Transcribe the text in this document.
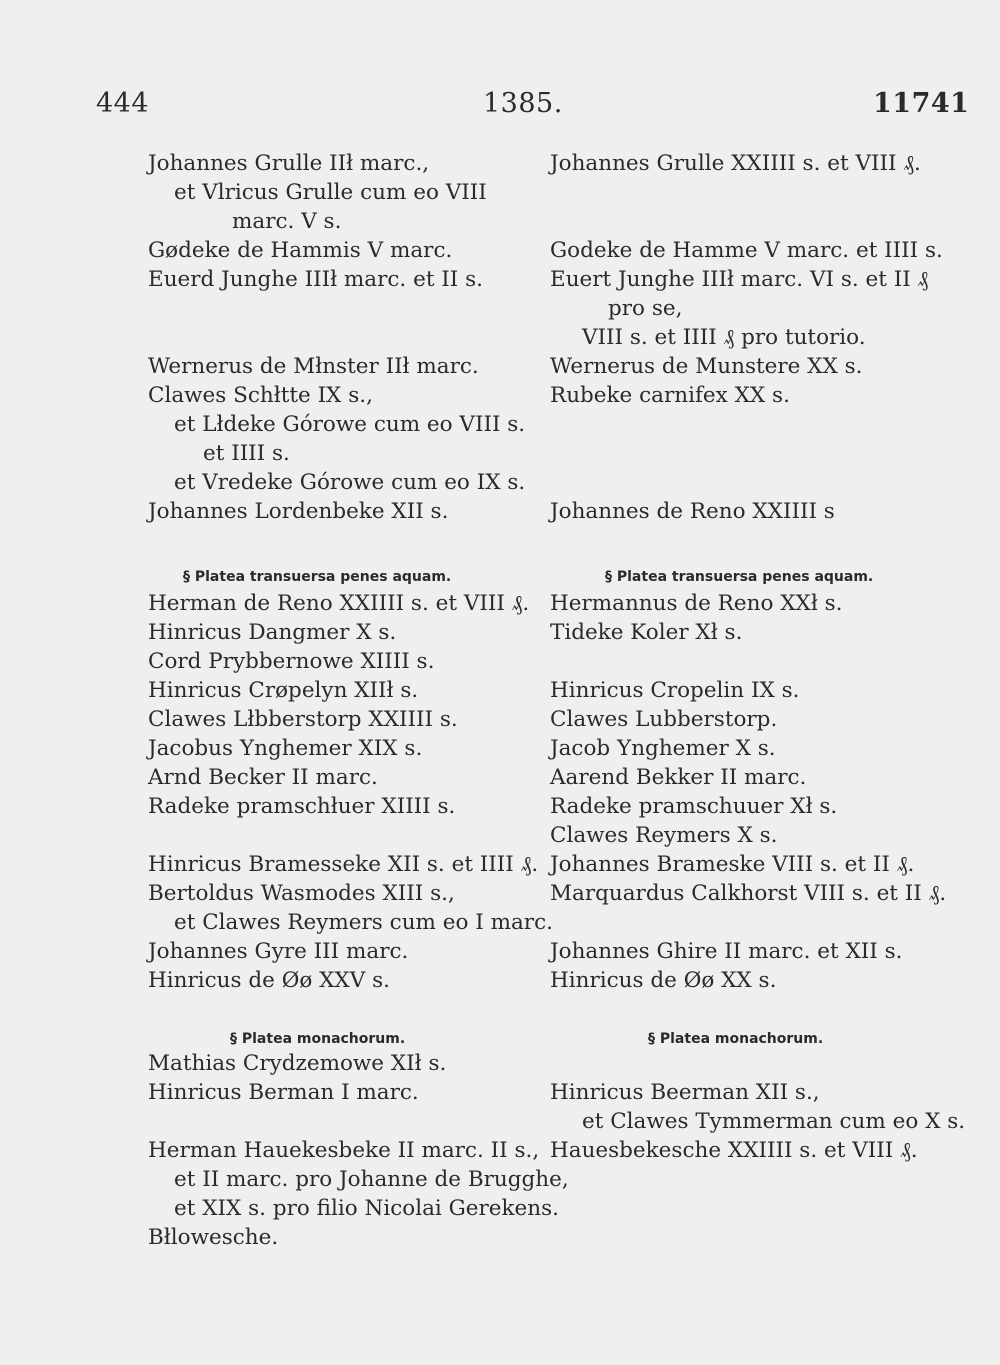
444	1385.	11741
Johannes Grulle IIł marc.,
et Vlricus Grulle cum eo VIII
marc. V s.
Gødeke de Hammis V marc.
Euerd Junghe IIIł marc. et II s.
Wernerus de Młnster IIł marc.
Clawes Schłtte IX s.,
et Lłdeke Górowe cum eo VIII s.
et IIII s.
et Vredeke Górowe cum eo IX s.
Johannes Lordenbeke XII s.
§ Platea transuersa penes aquam.
Herman de Reno XXIIII s. et VIII ₰.
Hinricus Dangmer X s.
Cord Prybbernowe XIIII s.
Hinricus Crøpelyn XIIł s.
Clawes Lłbberstorp XXIIII s.
Jacobus Ynghemer XIX s.
Arnd Becker II marc.
Radeke pramschłuer XIIII s.
Hinricus Bramesseke XII s. et IIII ₰.
Bertoldus Wasmodes XIII s.,
et Clawes Reymers cum eo I marc.
Johannes Gyre III marc.
Hinricus de Øø XXV s.
§ Platea monachorum.
Mathias Crydzemowe XIł s.
Hinricus Berman I marc.
Herman Hauekesbeke II marc. II s.,
et II marc. pro Johanne de Brugghe,
et XIX s. pro filio Nicolai Gerekens.
Błlowesche.
Johannes Grulle XXIIII s. et VIII ₰.
Godeke de Hamme V marc. et IIII s.
Euert Junghe IIIł marc. VI s. et II ₰
pro se,
VIII s. et IIII ₰ pro tutorio.
Wernerus de Munstere XX s.
Rubeke carnifex XX s.
Johannes de Reno XXIIII s
§ Platea transuersa penes aquam.
Hermannus de Reno XXł s.
Tideke Koler Xł s.
Hinricus Cropelin IX s.
Clawes Lubberstorp.
Jacob Ynghemer X s.
Aarend Bekker II marc.
Radeke pramschuuer Xł s.
Clawes Reymers X s.
Johannes Brameske VIII s. et II ₰.
Marquardus Calkhorst VIII s. et II ₰.
Johannes Ghire II marc. et XII s.
Hinricus de Øø XX s.
§ Platea monachorum.
Hinricus Beerman XII s.,
et Clawes Tymmerman cum eo X s.
Hauesbekesche XXIIII s. et VIII ₰.
